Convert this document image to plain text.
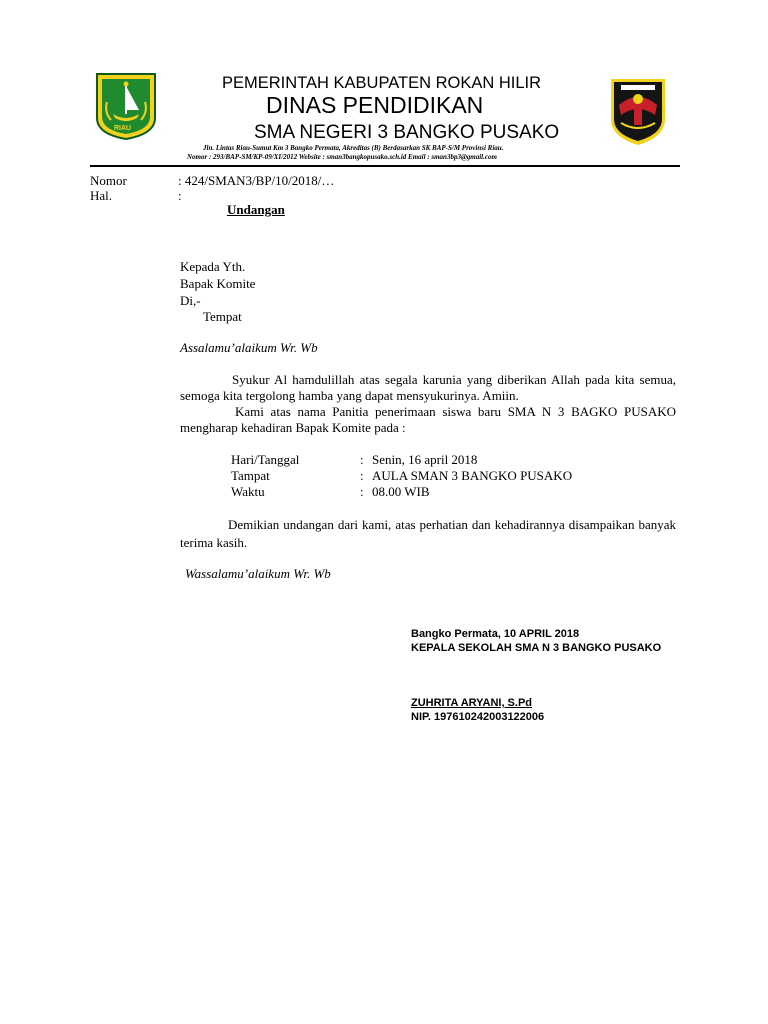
RIAU
PEMERINTAH KABUPATEN ROKAN HILIR
DINAS PENDIDIKAN
SMA NEGERI 3 BANGKO PUSAKO
Jln. Lintas Riau-Sumut Km 3 Bangko Permata, Akreditas (B) Berdasarkan SK BAP-S/M Provinsi Riau.
Nomor : 293/BAP-SM/KP-09/XI/2012 Website : sman3bangkopusako.sch.id Email : sman3bp3@gmail.com
Nomor	: 424/SMAN3/BP/10/2018/…
Hal.	:
Undangan
Kepada Yth.
Bapak Komite
Di,-
Tempat
Assalamu’alaikum Wr. Wb
Syukur Al hamdulillah atas segala karunia yang diberikan Allah pada kita semua, semoga kita tergolong hamba yang dapat mensyukurinya. Amiin.
Kami atas nama Panitia penerimaan siswa baru SMA N 3 BAGKO PUSAKO mengharap kehadiran Bapak Komite pada :
Hari/Tanggal	: Senin, 16 april 2018
Tampat	: AULA SMAN 3 BANGKO PUSAKO
Waktu	: 08.00 WIB
Demikian undangan dari kami, atas perhatian dan kehadirannya disampaikan banyak terima kasih.
Wassalamu’alaikum Wr. Wb
Bangko Permata, 10 APRIL 2018
KEPALA SEKOLAH SMA N 3 BANGKO PUSAKO
ZUHRITA ARYANI, S.Pd
NIP. 197610242003122006
